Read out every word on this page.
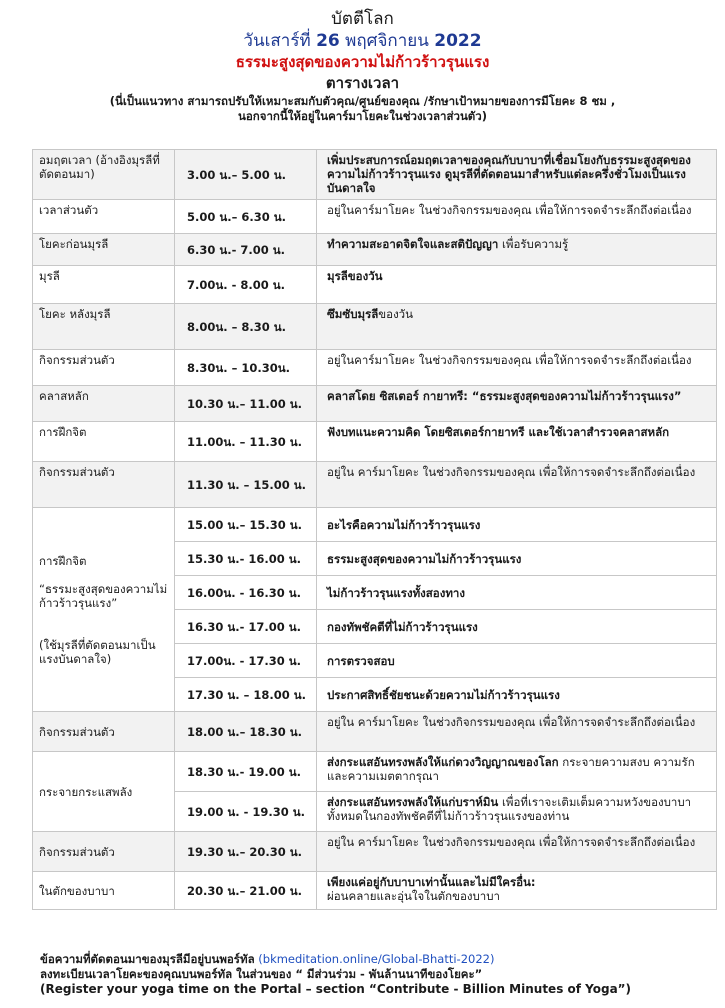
บัตตีโลก
วันเสาร์ที่ 26 พฤศจิกายน 2022
ธรรมะสูงสุดของความไม่ก้าวร้าวรุนแรง
ตารางเวลา
(นี่เป็นแนวทาง สามารถปรับให้เหมาะสมกับตัวคุณ/ศูนย์ของคุณ /รักษาเป้าหมายของการมีโยคะ 8 ชม ,
นอกจากนี้ให้อยู่ในคาร์มาโยคะในช่วงเวลาส่วนตัว)
อมฤตเวลา (อ้างอิงมุรลีที่ตัดตอนมา)	3.00 น.– 5.00 น.	เพิ่มประสบการณ์อมฤตเวลาของคุณกับบาบาที่เชื่อมโยงกับธรรมะสูงสุดของความไม่ก้าวร้าวรุนแรง ดูมุรลีที่ตัดตอนมาสำหรับแต่ละครึ่งชั่วโมงเป็นแรงบันดาลใจ
เวลาส่วนตัว	5.00 น.– 6.30 น.	อยู่ในคาร์มาโยคะ ในช่วงกิจกรรมของคุณ เพื่อให้การจดจำระลึกถึงต่อเนื่อง
โยคะก่อนมุรลี	6.30 น.- 7.00 น.	ทำความสะอาดจิตใจและสติปัญญา เพื่อรับความรู้
มุรลี	7.00น. - 8.00 น.	มุรลีของวัน
โยคะ หลังมุรลี	8.00น. – 8.30 น.	ซึมซับมุรลีของวัน
กิจกรรมส่วนตัว	8.30น. – 10.30น.	อยู่ในคาร์มาโยคะ ในช่วงกิจกรรมของคุณ เพื่อให้การจดจำระลึกถึงต่อเนื่อง
คลาสหลัก	10.30 น.– 11.00 น.	คลาสโดย ซิสเตอร์ กายาทรี: “ธรรมะสูงสุดของความไม่ก้าวร้าวรุนแรง”
การฝึกจิต	11.00น. – 11.30 น.	ฟังบทแนะความคิด โดยซิสเตอร์กายาทรี และใช้เวลาสำรวจคลาสหลัก
กิจกรรมส่วนตัว	11.30 น. – 15.00 น.	อยู่ใน คาร์มาโยคะ ในช่วงกิจกรรมของคุณ เพื่อให้การจดจำระลึกถึงต่อเนื่อง

การฝึกจิต
“ธรรมะสูงสุดของความไม่ก้าวร้าวรุนแรง”
(ใช้มุรลีที่ตัดตอนมาเป็นแรงบันดาลใจ)	15.00 น.– 15.30 น.	อะไรคือความไม่ก้าวร้าวรุนแรง
	15.30 น.- 16.00 น.	ธรรมะสูงสุดของความไม่ก้าวร้าวรุนแรง
	16.00น. - 16.30 น.	ไม่ก้าวร้าวรุนแรงทั้งสองทาง
	16.30 น.- 17.00 น.	กองทัพชัคตีที่ไม่ก้าวร้าวรุนแรง
	17.00น. - 17.30 น.	การตรวจสอบ
	17.30 น. – 18.00 น.	ประกาศสิทธิ์ชัยชนะด้วยความไม่ก้าวร้าวรุนแรง
กิจกรรมส่วนตัว	18.00 น.– 18.30 น.	อยู่ใน คาร์มาโยคะ ในช่วงกิจกรรมของคุณ เพื่อให้การจดจำระลึกถึงต่อเนื่อง
กระจายกระแสพลัง	18.30 น.- 19.00 น.	ส่งกระแสอันทรงพลังให้แก่ดวงวิญญาณของโลก กระจายความสงบ ความรัก และความเมตตากรุณา
	19.00 น. - 19.30 น.	ส่งกระแสอันทรงพลังให้แก่บราห์มิน เพื่อที่เราจะเติมเต็มความหวังของบาบาทั้งหมดในกองทัพชัคตีที่ไม่ก้าวร้าวรุนแรงของท่าน
กิจกรรมส่วนตัว	19.30 น.– 20.30 น.	อยู่ใน คาร์มาโยคะ ในช่วงกิจกรรมของคุณ เพื่อให้การจดจำระลึกถึงต่อเนื่อง
ในตักของบาบา	20.30 น.– 21.00 น.	เพียงแค่อยู่กับบาบาเท่านั้นและไม่มีใครอื่น:
ผ่อนคลายและอุ่นใจในตักของบาบา
ข้อความที่ตัดตอนมาของมุรลีมีอยู่บนพอร์ทัล (bkmeditation.online/Global-Bhatti-2022)
ลงทะเบียนเวลาโยคะของคุณบนพอร์ทัล ในส่วนของ “ มีส่วนร่วม - พันล้านนาทีของโยคะ”
(Register your yoga time on the Portal – section “Contribute - Billion Minutes of Yoga”)
